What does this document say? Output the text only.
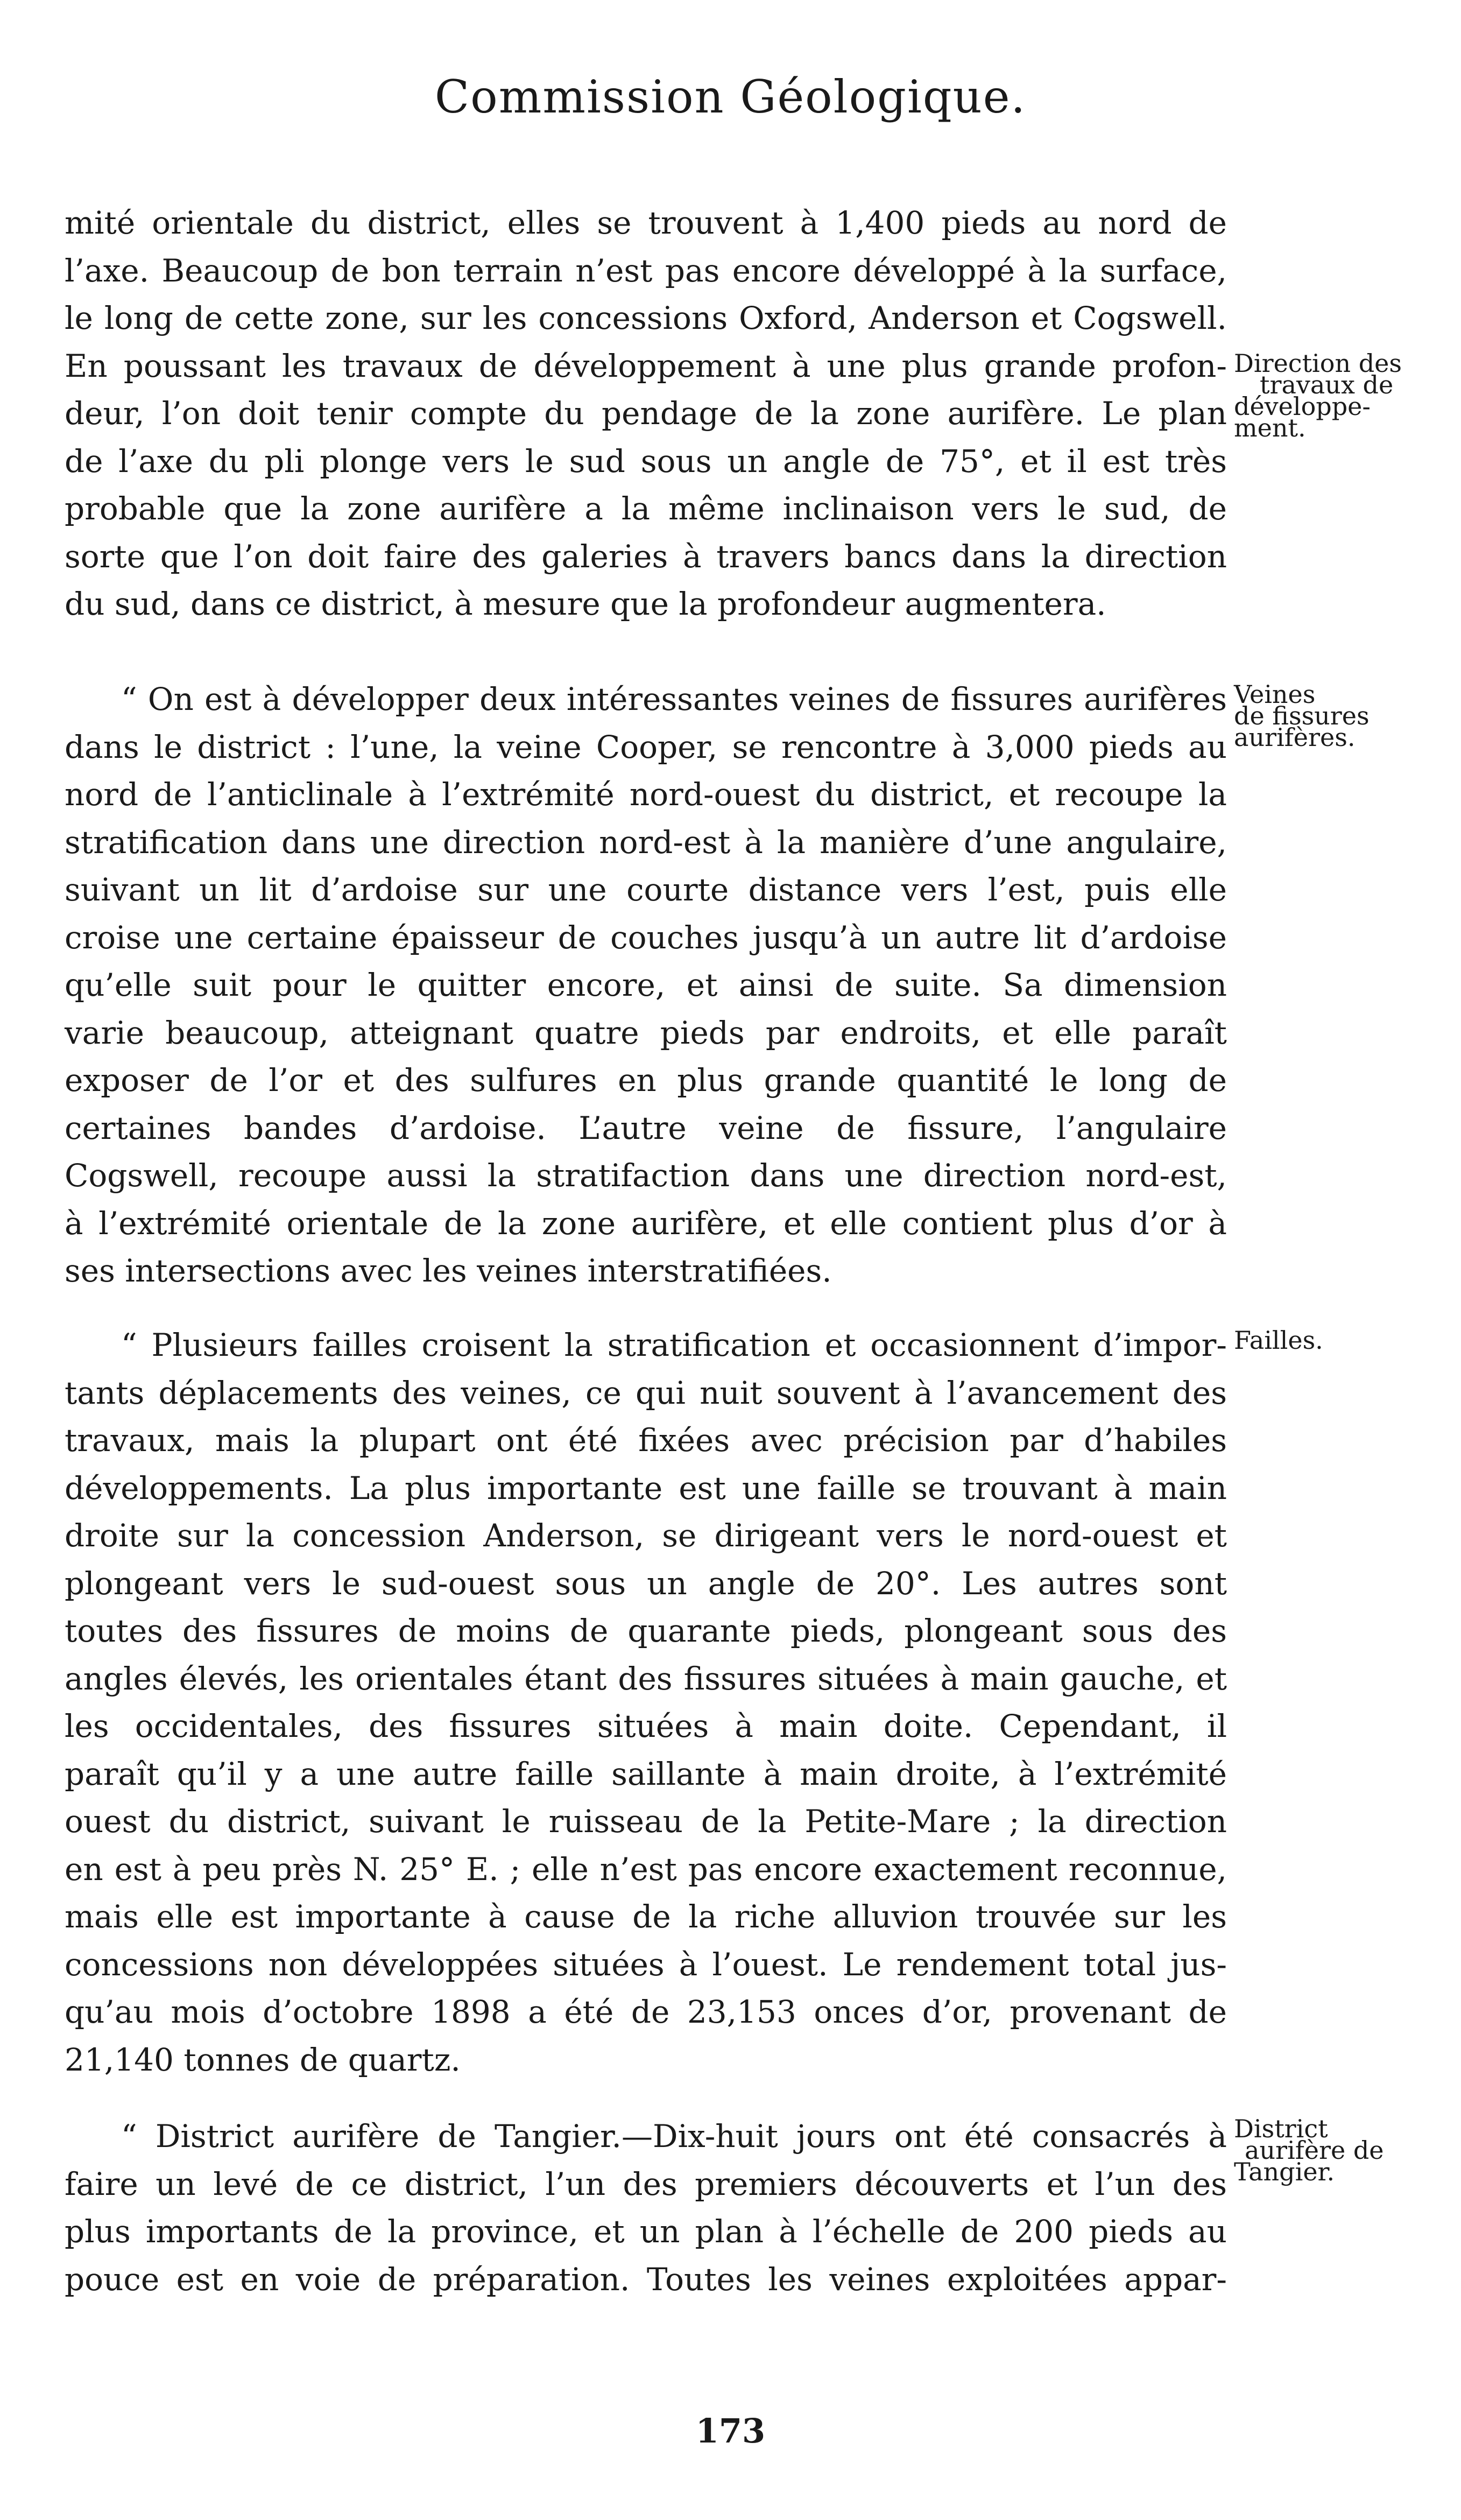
Commission Géologique.
mité orientale du district, elles se trouvent à 1,400 pieds au nord de
l’axe. Beaucoup de bon terrain n’est pas encore développé à la surface,
le long de cette zone, sur les concessions Oxford, Anderson et Cogswell.
En poussant les travaux de développement à une plus grande profon-
deur, l’on doit tenir compte du pendage de la zone aurifère. Le plan
de l’axe du pli plonge vers le sud sous un angle de 75°, et il est très
probable que la zone aurifère a la même inclinaison vers le sud, de
sorte que l’on doit faire des galeries à travers bancs dans la direction
du sud, dans ce district, à mesure que la profondeur augmentera.
“ On est à développer deux intéressantes veines de fissures aurifères
dans le district : l’une, la veine Cooper, se rencontre à 3,000 pieds au
nord de l’anticlinale à l’extrémité nord-ouest du district, et recoupe la
stratification dans une direction nord-est à la manière d’une angulaire,
suivant un lit d’ardoise sur une courte distance vers l’est, puis elle
croise une certaine épaisseur de couches jusqu’à un autre lit d’ardoise
qu’elle suit pour le quitter encore, et ainsi de suite. Sa dimension
varie beaucoup, atteignant quatre pieds par endroits, et elle paraît
exposer de l’or et des sulfures en plus grande quantité le long de
certaines bandes d’ardoise. L’autre veine de fissure, l’angulaire
Cogswell, recoupe aussi la stratifaction dans une direction nord-est,
à l’extrémité orientale de la zone aurifère, et elle contient plus d’or à
ses intersections avec les veines interstratifiées.
“ Plusieurs failles croisent la stratification et occasionnent d’impor-
tants déplacements des veines, ce qui nuit souvent à l’avancement des
travaux, mais la plupart ont été fixées avec précision par d’habiles
développements. La plus importante est une faille se trouvant à main
droite sur la concession Anderson, se dirigeant vers le nord-ouest et
plongeant vers le sud-ouest sous un angle de 20°. Les autres sont
toutes des fissures de moins de quarante pieds, plongeant sous des
angles élevés, les orientales étant des fissures situées à main gauche, et
les occidentales, des fissures situées à main doite. Cependant, il
paraît qu’il y a une autre faille saillante à main droite, à l’extrémité
ouest du district, suivant le ruisseau de la Petite-Mare ; la direction
en est à peu près N. 25° E. ; elle n’est pas encore exactement reconnue,
mais elle est importante à cause de la riche alluvion trouvée sur les
concessions non développées situées à l’ouest. Le rendement total jus-
qu’au mois d’octobre 1898 a été de 23,153 onces d’or, provenant de
21,140 tonnes de quartz.
“ District aurifère de Tangier.—Dix-huit jours ont été consacrés à
faire un levé de ce district, l’un des premiers découverts et l’un des
plus importants de la province, et un plan à l’échelle de 200 pieds au
pouce est en voie de préparation. Toutes les veines exploitées appar-
Direction des
travaux de
développe-
ment.
Veines
de fissures
aurifères.
Failles.
District
aurifère de
Tangier.
173
